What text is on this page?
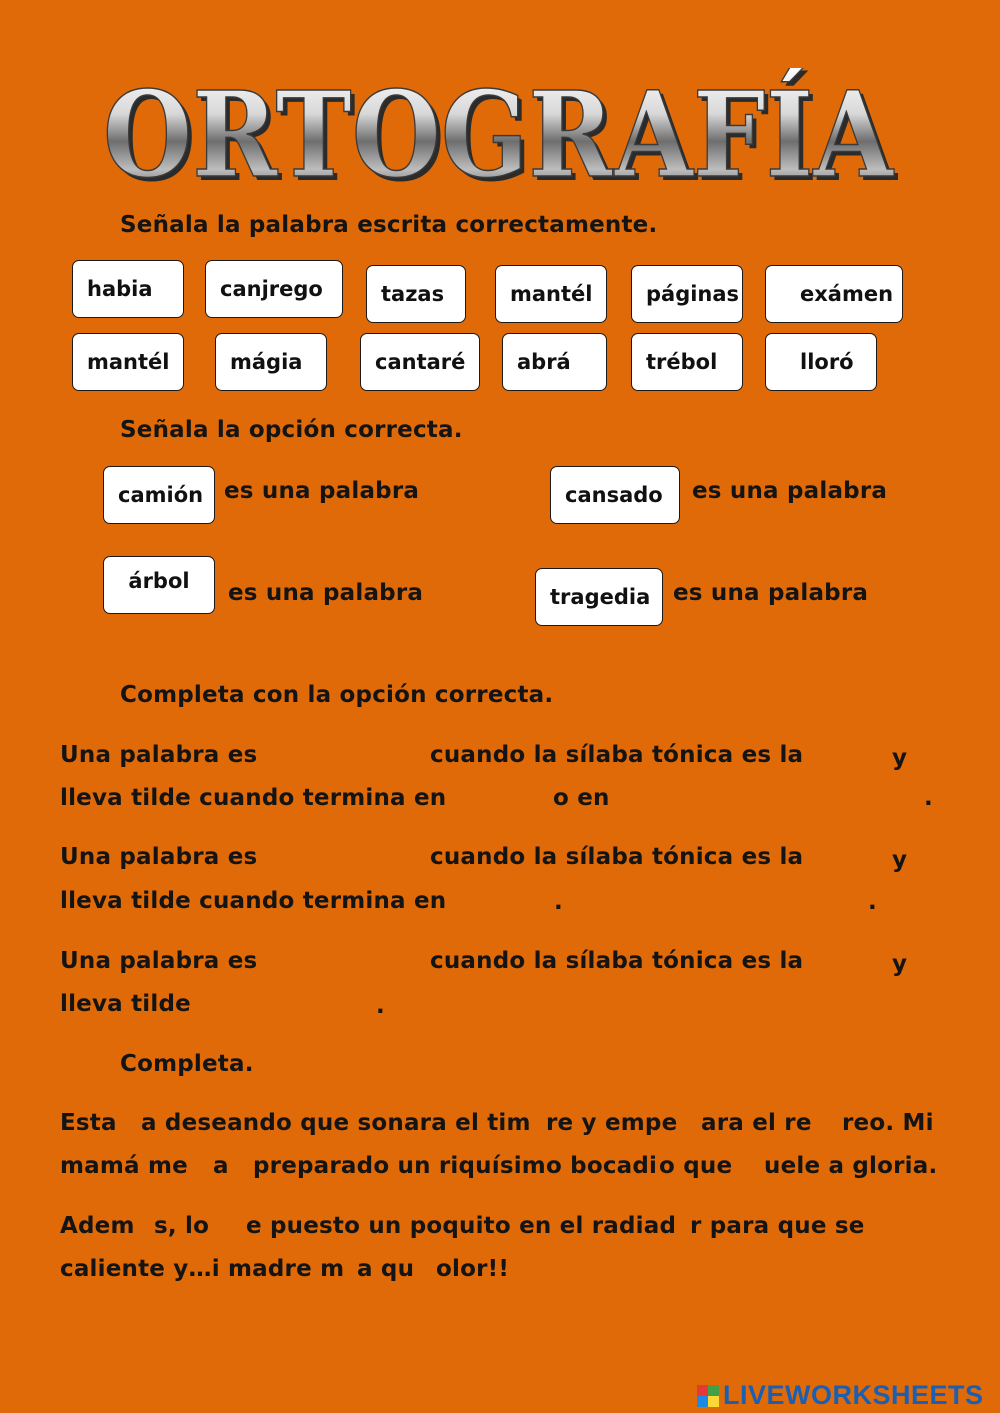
ORTOGRAFÍA
ORTOGRAFÍA
Señala la palabra escrita correctamente.
habia	canjrego	tazas	mantél	páginas	exámen
mantél	mágia	cantaré	abrá	trébol	lloró
Señala la opción correcta.
camión es una palabra	cansado	es una palabra
árbol	es una palabra	tragedia es una palabra
Completa con la opción correcta.
Una palabra es	cuando la sílaba tónica es la	y
lleva tilde cuando termina en	o en	.
Una palabra es	cuando la sílaba tónica es la	y
lleva tilde cuando termina en	.	.
Una palabra es	cuando la sílaba tónica es la	y
lleva tilde	.
Completa.
Esta a deseando que sonara el tim re y empe ara el re reo. Mi
mamá me a preparado un riquísimo bocadi o que uele a gloria.
Adem s, lo e puesto un poquito en el radiad r para que se
caliente y…i madre m a qu olor!!
LIVEWORKSHEETS
